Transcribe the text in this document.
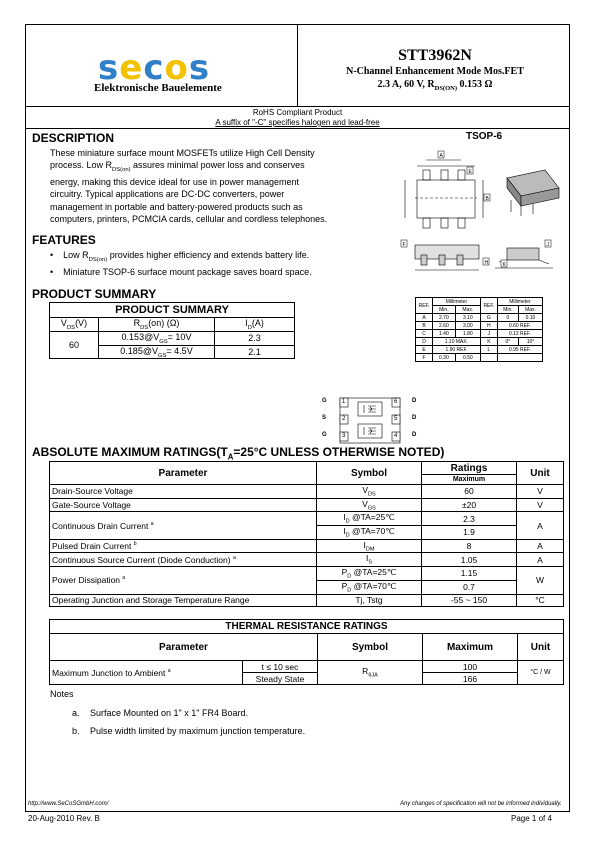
secos
Elektronische Bauelemente
STT3962N
N-Channel Enhancement Mode Mos.FET
2.3 A, 60 V, $R_{DS(ON)}$ 0.153 Ω
RoHS Compliant Product
A suffix of "-C" specifies halogen and lead-free
DESCRIPTION	TSOP-6
These miniature surface mount MOSFETs utilize High Cell Density
process. Low $R_{DS(on)}$ assures minimal power loss and conserves
energy, making this device ideal for use in power management
circuitry. Typical applications are DC-DC converters, power
management in portable and battery-powered products such as
computers, printers, PCMCIA cards, cellular and cordless telephones.
A
B
E
F
H	K
J
FEATURES
•    Low $R_{DS(on)}$ provides higher efficiency and extends battery life.
•    Miniature TSOP-6 surface mount package saves board space.
PRODUCT SUMMARY
PRODUCT SUMMARY		
$V_{DS}(V)$	$R_{DS}(on)$ (Ω)	$I_D(A)$
60	$0.153@V_{GS}= 10V$	2.3
	$0.185@V_{GS}= 4.5V$	2.1
REF.	Millimeter		REF.	Millimeter	
	Min.	Max.		Min.	Max.
A	2.70	3.10	G	0	0.10
B	2.60	3.00	H	0.60 REF.	
C	1.40	1.80	J	0.12 REF.	
D	1.10 MAX.		K	0°	10°
E	1.90 REF.		L	0.95 REF.	
F	0.30	0.50			
G
S
G
1
2
3
6
5
4
D
D
D
ABSOLUTE MAXIMUM $RATINGS(T_A=25^\circ C$ UNLESS OTHERWISE NOTED)
Parameter	Symbol	Ratings	Unit
		Maximum	
Drain-Source Voltage	$V_{DS}$	60	V
Gate-Source Voltage	$V_{GS}$	±20	V
Continuous Drain Current $^a$	$I_D$ @TA=25℃	2.3	A
	$I_D$ @TA=70℃	1.9	
Pulsed Drain Current $^b$	$I_{DM}$	8	A
Continuous Source Current (Diode Conduction) $^a$	$I_S$	1.05	A
Power Dissipation $^a$	$P_D$ @TA=25℃	1.15	W
	$P_D$ @TA=70℃	0.7	
Operating Junction and Storage Temperature Range	Tj, Tstg	-55 ~ 150	°C
THERMAL RESISTANCE RATINGS				
Parameter		Symbol	Maximum	Unit
Maximum Junction to Ambient $^a$	t ≤ 10 sec	$R_{\theta JA}$	100	°C / W
	Steady State		166	
Notes
a. Surface Mounted on 1" x 1" FR4 Board.
b. Pulse width limited by maximum junction temperature.
http://www.SeCoSGmbH.com/	Any changes of specification will not be informed individually.
20-Aug-2010 Rev. B	Page 1 of 4
